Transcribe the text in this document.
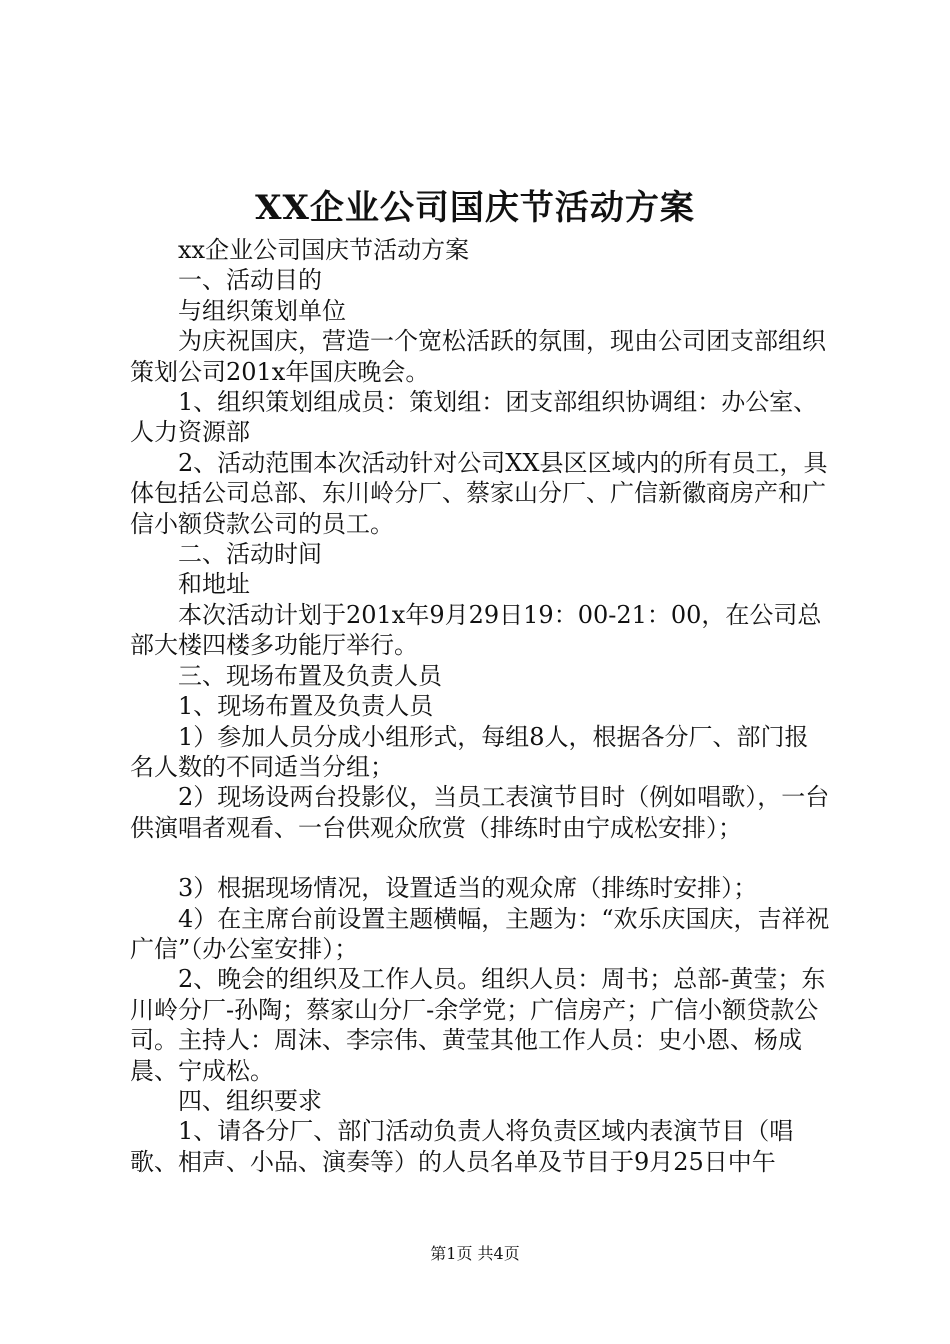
XX企业公司国庆节活动方案

xx企业公司国庆节活动方案

一、活动目的

与组织策划单位

为庆祝国庆，营造一个宽松活跃的氛围，现由公司团支部组织策划公司201x年国庆晚会。

1、组织策划组成员：策划组：团支部组织协调组：办公室、人力资源部

2、活动范围本次活动针对公司XX县区区域内的所有员工，具体包括公司总部、东川岭分厂、蔡家山分厂、广信新徽商房产和广信小额贷款公司的员工。

二、活动时间

和地址

本次活动计划于201x年9月29日19：00-21：00，在公司总部大楼四楼多功能厅举行。

三、现场布置及负责人员

1、现场布置及负责人员

1）参加人员分成小组形式，每组8人，根据各分厂、部门报名人数的不同适当分组；

2）现场设两台投影仪，当员工表演节目时（例如唱歌），一台供演唱者观看、一台供观众欣赏（排练时由宁成松安排）；

3）根据现场情况，设置适当的观众席（排练时安排）；

4）在主席台前设置主题横幅，主题为：“欢乐庆国庆，吉祥祝广信”（办公室安排）；

2、晚会的组织及工作人员。组织人员：周书；总部-黄莹；东川岭分厂-孙陶；蔡家山分厂-余学党；广信房产；广信小额贷款公司。主持人：周沫、李宗伟、黄莹其他工作人员：史小恩、杨成晨、宁成松。

四、组织要求

1、请各分厂、部门活动负责人将负责区域内表演节目（唱歌、相声、小品、演奏等）的人员名单及节目于9月25日中午

第1页 共4页
